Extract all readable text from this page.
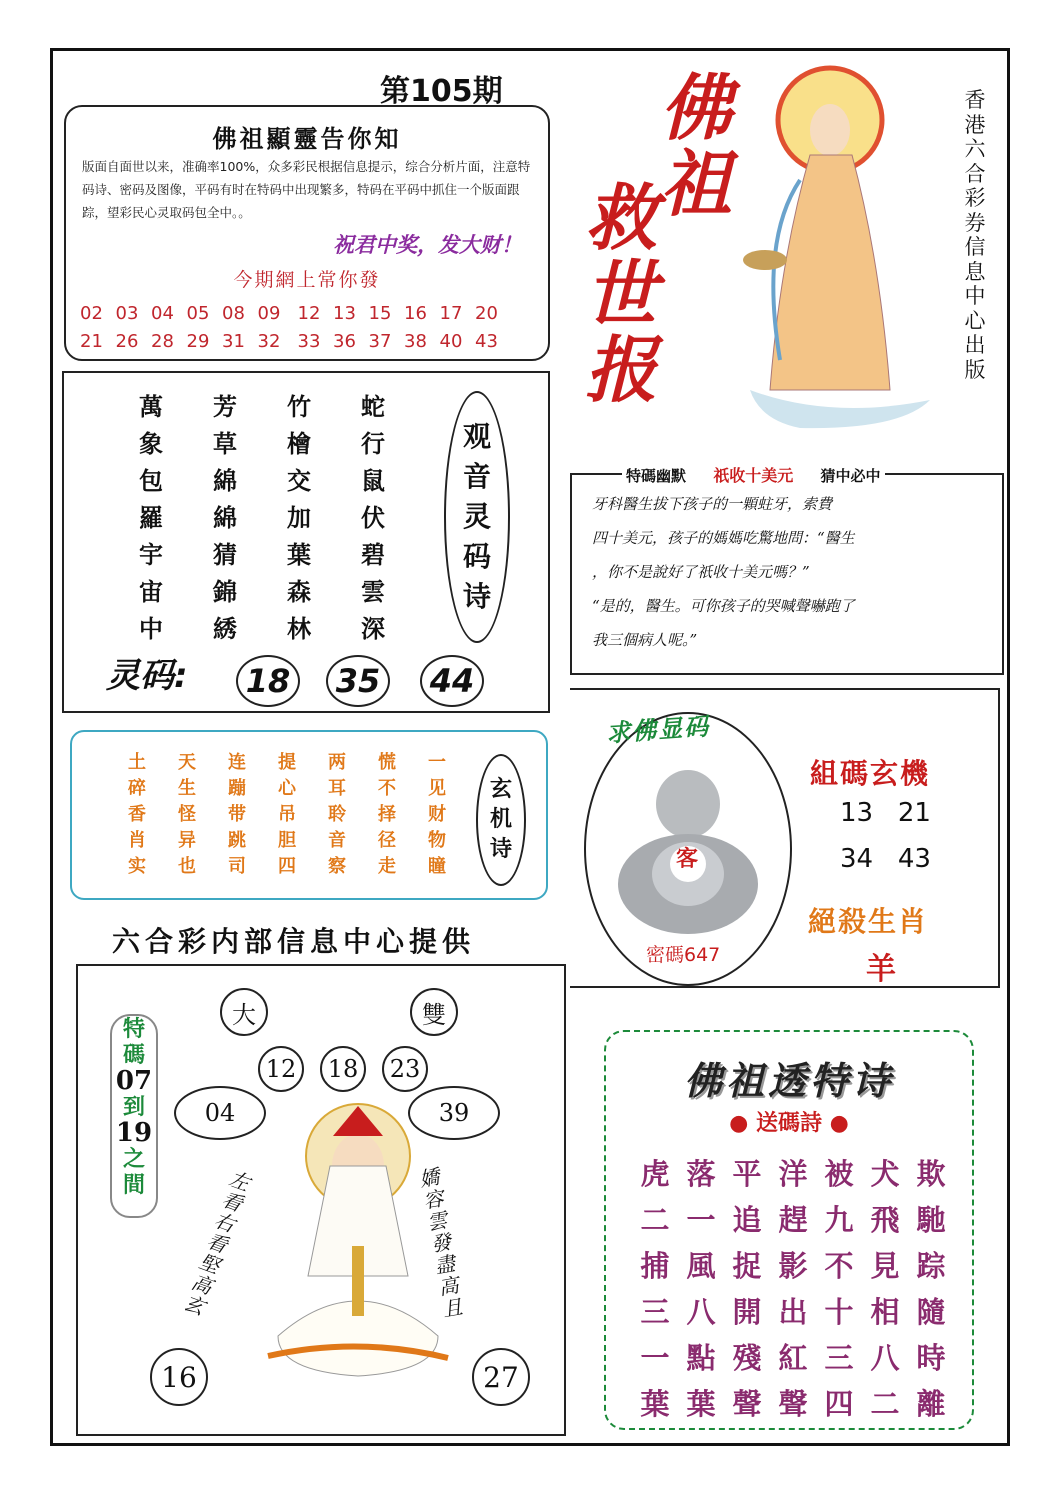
第105期
佛祖顯靈告你知
版面自面世以来，准确率100%，众多彩民根据信息提示，综合分析片面，注意特码诗、密码及图像，平码有时在特码中出现繁多，特码在平码中抓住一个版面跟踪，望彩民心灵取码包全中。。
祝君中奖，发大财！
今期網上常你發
02 03 04 05 08 09 12 13 15 16 17 20
21 26 28 29 31 32 33 36 37 38 40 43
萬	芳	竹	蛇
象	草	檜	行
包	綿	交	鼠
羅	綿	加	伏
宇	猜	葉	碧
宙	錦	森	雲
中	綉	林	深
观
音
灵
码
诗
灵码:	18	35	44
土	天	连	提	两	慌	一
碎	生	蹦	心	耳	不	见
香	怪	带	吊	聆	择	财
肖	异	跳	胆	音	径	物
实	也	司	四	察	走	瞳
玄
机
诗
六合彩内部信息中心提供
大	雙
12	18	23
04	39
16	27
特
碼
07
到
19
之
間	左
看
右
看
堅
高
玄
嬌
容
雲
發
盡
高
且
佛
祖
救
世
报
香
港
六
合
彩
券
信
息
中
心
出
版
特碼幽默 祇收十美元 猜中必中
牙科醫生拔下孩子的一顆蛀牙，索費
四十美元，孩子的媽媽吃驚地問：“醫生
，你不是說好了祇收十美元嗎？”
“是的，醫生。可你孩子的哭喊聲嚇跑了
我三個病人呢。”
客
求佛显码
密碼647
組碼玄機
13 21
34 43
絕殺生肖
羊
佛祖透特诗
● 送碼詩 ●
虎 落 平 洋 被 犬 欺
二 一 追 趕 九 飛 馳
捕 風 捉 影 不 見 踪
三 八 開 出 十 相 隨
一 點 殘 紅 三 八 時
葉 葉 聲 聲 四 二 離
